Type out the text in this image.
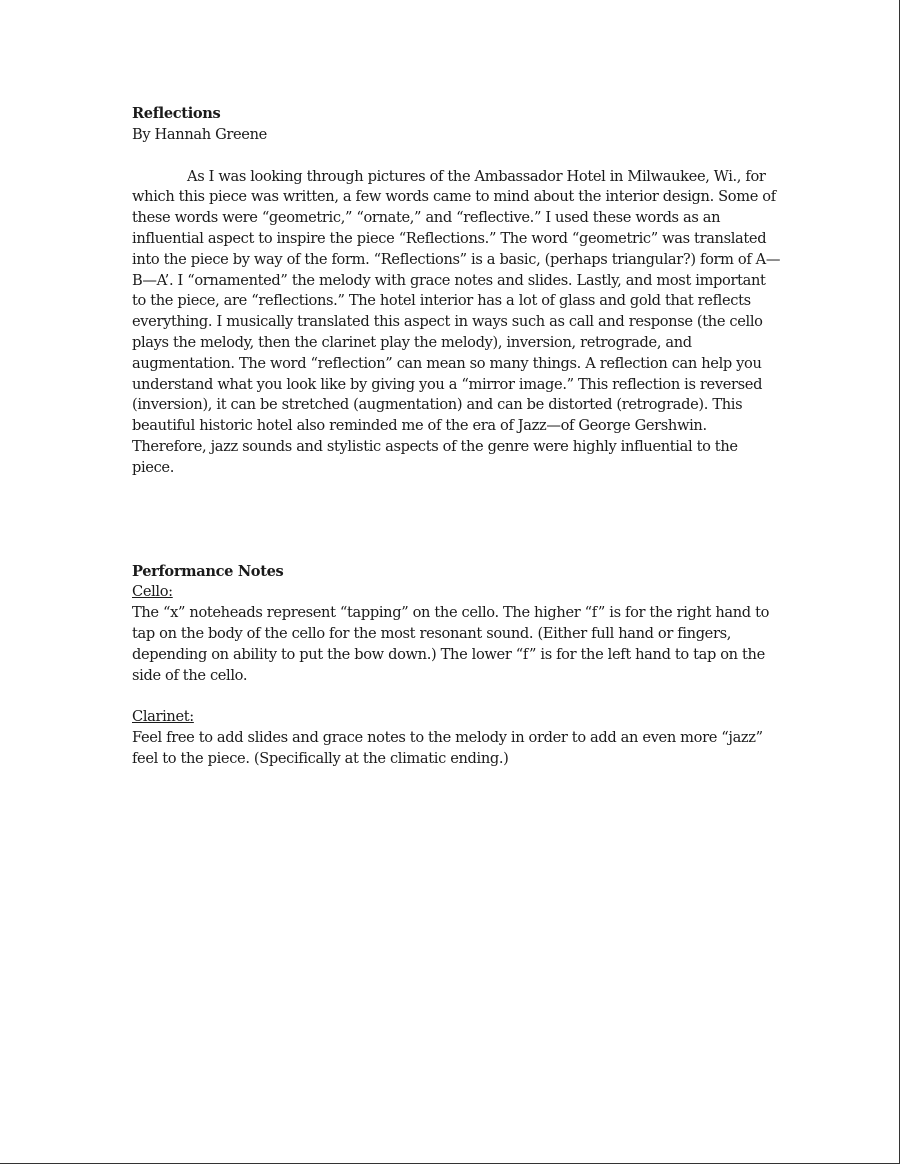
Reflections

By Hannah Greene

As I was looking through pictures of the Ambassador Hotel in Milwaukee, Wi., for which this piece was written, a few words came to mind about the interior design. Some of these words were “geometric,” “ornate,” and “reflective.” I used these words as an influential aspect to inspire the piece “Reflections.” The word “geometric” was translated into the piece by way of the form. “Reflections” is a basic, (perhaps triangular?) form of A—B—A’. I “ornamented” the melody with grace notes and slides. Lastly, and most important to the piece, are “reflections.” The hotel interior has a lot of glass and gold that reflects everything. I musically translated this aspect in ways such as call and response (the cello plays the melody, then the clarinet play the melody), inversion, retrograde, and augmentation. The word “reflection” can mean so many things. A reflection can help you understand what you look like by giving you a “mirror image.” This reflection is reversed (inversion), it can be stretched (augmentation) and can be distorted (retrograde). This beautiful historic hotel also reminded me of the era of Jazz—of George Gershwin. Therefore, jazz sounds and stylistic aspects of the genre were highly influential to the piece.

Performance Notes

Cello:

The “x” noteheads represent “tapping” on the cello. The higher “f” is for the right hand to tap on the body of the cello for the most resonant sound. (Either full hand or fingers, depending on ability to put the bow down.) The lower “f” is for the left hand to tap on the side of the cello.

Clarinet:

Feel free to add slides and grace notes to the melody in order to add an even more “jazz” feel to the piece. (Specifically at the climatic ending.)
